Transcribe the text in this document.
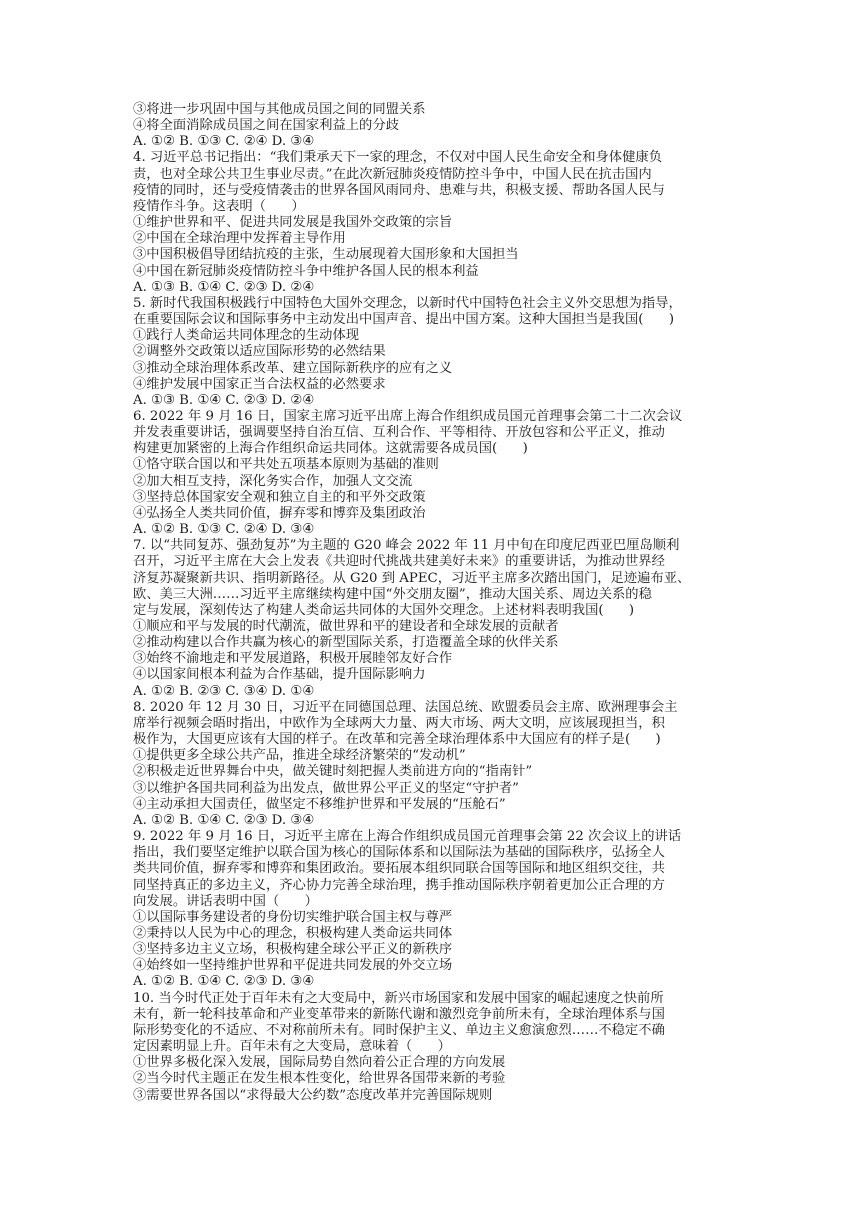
③将进一步巩固中国与其他成员国之间的同盟关系
④将全面消除成员国之间在国家利益上的分歧
A. ①② B. ①③ C. ②④ D. ③④
4. 习近平总书记指出：“我们秉承天下一家的理念，不仅对中国人民生命安全和身体健康负
责，也对全球公共卫生事业尽责。”在此次新冠肺炎疫情防控斗争中，中国人民在抗击国内
疫情的同时，还与受疫情袭击的世界各国风雨同舟、患难与共，积极支援、帮助各国人民与
疫情作斗争。这表明（      ）
①维护世界和平、促进共同发展是我国外交政策的宗旨
②中国在全球治理中发挥着主导作用
③中国积极倡导团结抗疫的主张，生动展现着大国形象和大国担当
④中国在新冠肺炎疫情防控斗争中维护各国人民的根本利益
A. ①③ B. ①④ C. ②③ D. ②④
5. 新时代我国积极践行中国特色大国外交理念，以新时代中国特色社会主义外交思想为指导，
在重要国际会议和国际事务中主动发出中国声音、提出中国方案。这种大国担当是我国(      )
①践行人类命运共同体理念的生动体现
②调整外交政策以适应国际形势的必然结果
③推动全球治理体系改革、建立国际新秩序的应有之义
④维护发展中国家正当合法权益的必然要求
A. ①③ B. ①④ C. ②③ D. ②④
6. 2022 年 9 月 16 日，国家主席习近平出席上海合作组织成员国元首理事会第二十二次会议
并发表重要讲话，强调要坚持自治互信、互利合作、平等相待、开放包容和公平正义，推动
构建更加紧密的上海合作组织命运共同体。这就需要各成员国(      )
①恪守联合国以和平共处五项基本原则为基础的准则
②加大相互支持，深化务实合作，加强人文交流
③坚持总体国家安全观和独立自主的和平外交政策
④弘扬全人类共同价值，摒弃零和博弈及集团政治
A. ①② B. ①③ C. ②④ D. ③④
7. 以“共同复苏、强劲复苏”为主题的 G20 峰会 2022 年 11 月中旬在印度尼西亚巴厘岛顺利
召开，习近平主席在大会上发表《共迎时代挑战共建美好未来》的重要讲话，为推动世界经
济复苏凝聚新共识、指明新路径。从 G20 到 APEC，习近平主席多次踏出国门，足迹遍布亚、
欧、美三大洲……习近平主席继续构建中国“外交朋友圈”，推动大国关系、周边关系的稳
定与发展，深刻传达了构建人类命运共同体的大国外交理念。上述材料表明我国(      )
①顺应和平与发展的时代潮流，做世界和平的建设者和全球发展的贡献者
②推动构建以合作共赢为核心的新型国际关系，打造覆盖全球的伙伴关系
③始终不渝地走和平发展道路，积极开展睦邻友好合作
④以国家间根本利益为合作基础，提升国际影响力
A. ①② B. ②③ C. ③④ D. ①④
8. 2020 年 12 月 30 日，习近平在同德国总理、法国总统、欧盟委员会主席、欧洲理事会主
席举行视频会晤时指出，中欧作为全球两大力量、两大市场、两大文明，应该展现担当，积
极作为，大国更应该有大国的样子。在改革和完善全球治理体系中大国应有的样子是(      )
①提供更多全球公共产品，推进全球经济繁荣的“发动机”
②积极走近世界舞台中央，做关键时刻把握人类前进方向的“指南针”
③以维护各国共同利益为出发点，做世界公平正义的坚定“守护者”
④主动承担大国责任，做坚定不移维护世界和平发展的“压舱石”
A. ①② B. ①④ C. ②③ D. ③④
9. 2022 年 9 月 16 日，习近平主席在上海合作组织成员国元首理事会第 22 次会议上的讲话
指出，我们要坚定维护以联合国为核心的国际体系和以国际法为基础的国际秩序，弘扬全人
类共同价值，摒弃零和博弈和集团政治。要拓展本组织同联合国等国际和地区组织交往，共
同坚持真正的多边主义，齐心协力完善全球治理，携手推动国际秩序朝着更加公正合理的方
向发展。讲话表明中国（      ）
①以国际事务建设者的身份切实维护联合国主权与尊严
②秉持以人民为中心的理念，积极构建人类命运共同体
③坚持多边主义立场，积极构建全球公平正义的新秩序
④始终如一坚持维护世界和平促进共同发展的外交立场
A. ①② B. ①④ C. ②③ D. ③④
10. 当今时代正处于百年未有之大变局中，新兴市场国家和发展中国家的崛起速度之快前所
未有，新一轮科技革命和产业变革带来的新陈代谢和激烈竞争前所未有，全球治理体系与国
际形势变化的不适应、不对称前所未有。同时保护主义、单边主义愈演愈烈……不稳定不确
定因素明显上升。百年未有之大变局，意味着（      ）
①世界多极化深入发展，国际局势自然向着公正合理的方向发展
②当今时代主题正在发生根本性变化，给世界各国带来新的考验
③需要世界各国以“求得最大公约数”态度改革并完善国际规则
